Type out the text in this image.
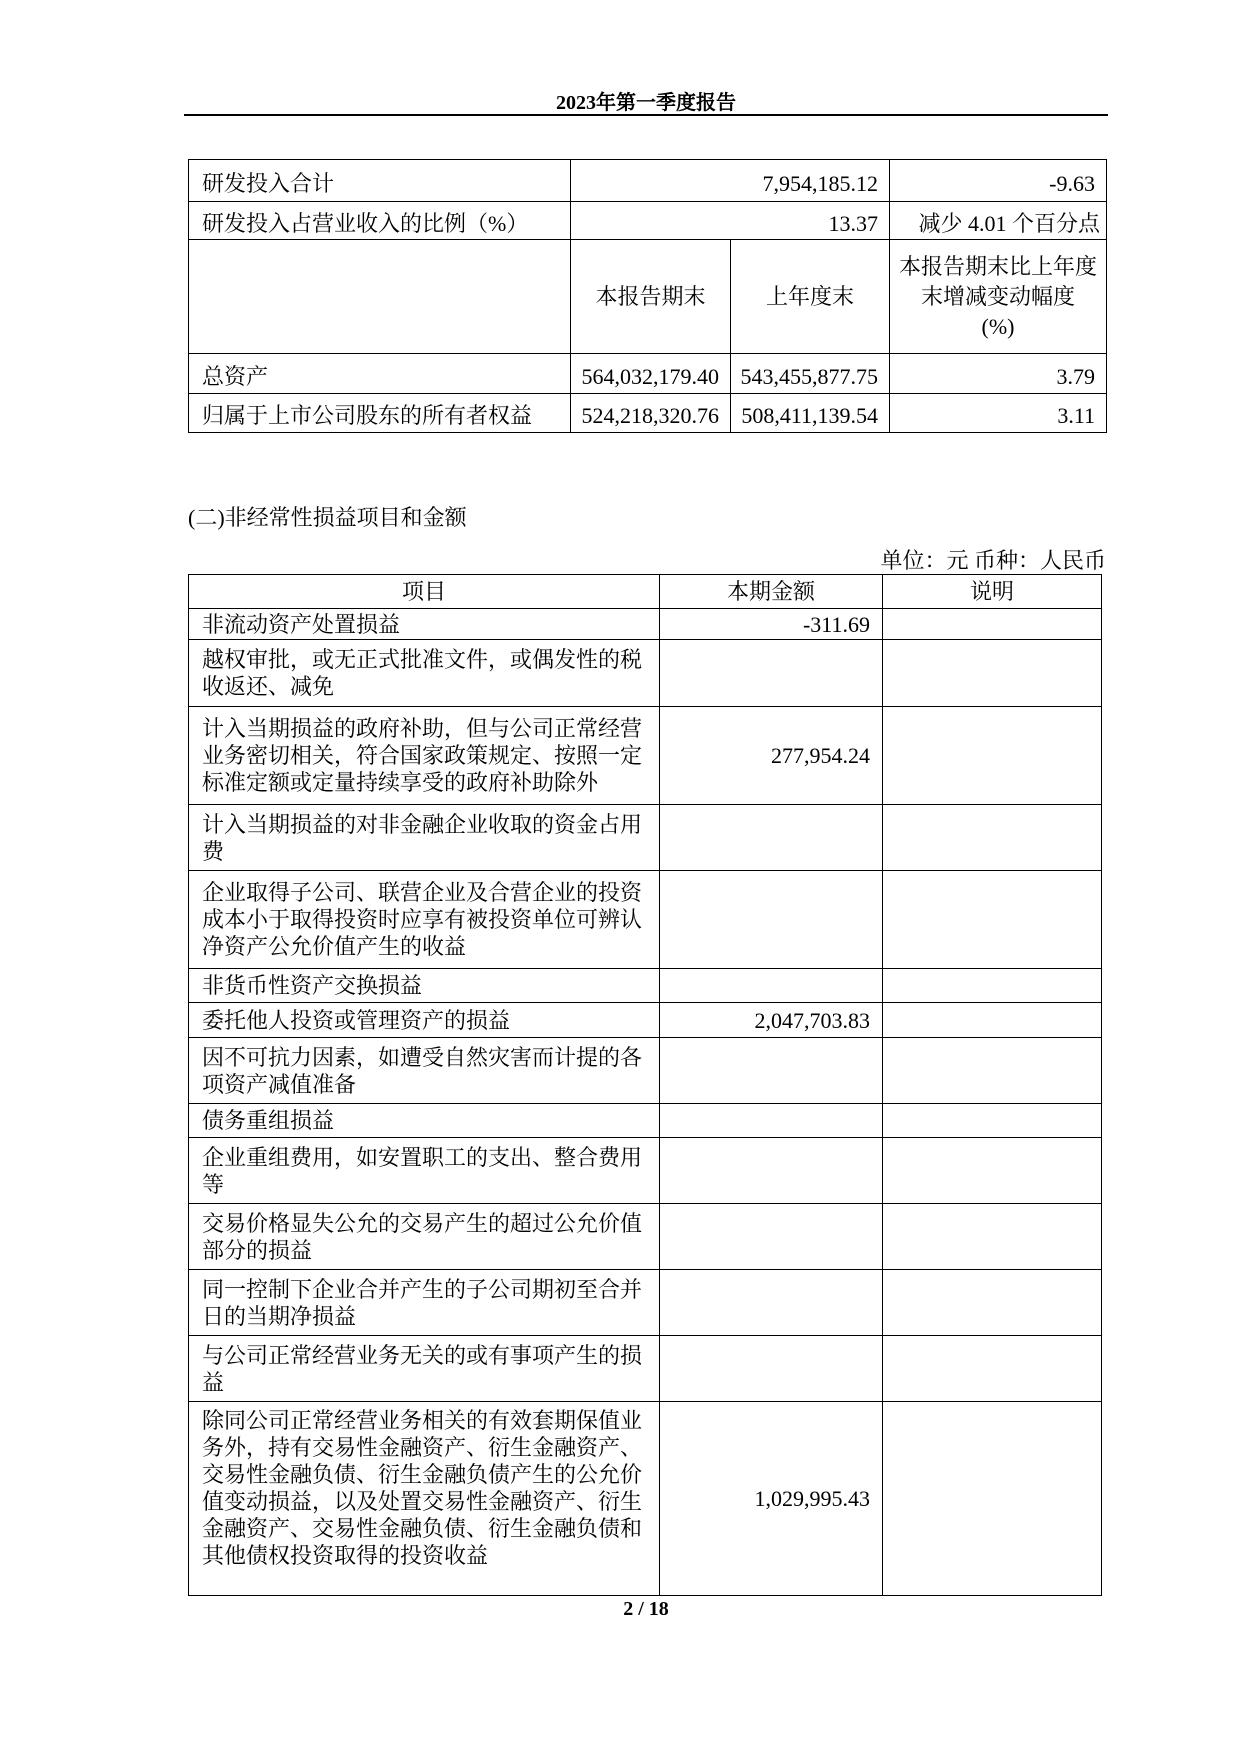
2023年第一季度报告
研发投入合计	7,954,185.12		-9.63
研发投入占营业收入的比例（%）	13.37		减少 4.01 个百分点
	本报告期末	上年度末	本报告期末比上年度末增减变动幅度
(%)

总资产	564,032,179.40	543,455,877.75	3.79
归属于上市公司股东的所有者权益	524,218,320.76	508,411,139.54	3.11
(二)非经常性损益项目和金额
单位：元 币种：人民币
项目	本期金额	说明
非流动资产处置损益	-311.69	
越权审批，或无正式批准文件，或偶发性的税收返还、减免		
计入当期损益的政府补助，但与公司正常经营业务密切相关，符合国家政策规定、按照一定标准定额或定量持续享受的政府补助除外	277,954.24	
计入当期损益的对非金融企业收取的资金占用费		
企业取得子公司、联营企业及合营企业的投资成本小于取得投资时应享有被投资单位可辨认净资产公允价值产生的收益		
非货币性资产交换损益		
委托他人投资或管理资产的损益	2,047,703.83	
因不可抗力因素，如遭受自然灾害而计提的各项资产减值准备		
债务重组损益		
企业重组费用，如安置职工的支出、整合费用等		
交易价格显失公允的交易产生的超过公允价值部分的损益		
同一控制下企业合并产生的子公司期初至合并日的当期净损益		
与公司正常经营业务无关的或有事项产生的损益		
除同公司正常经营业务相关的有效套期保值业务外，持有交易性金融资产、衍生金融资产、交易性金融负债、衍生金融负债产生的公允价值变动损益，以及处置交易性金融资产、衍生金融资产、交易性金融负债、衍生金融负债和其他债权投资取得的投资收益	1,029,995.43	
2 / 18
